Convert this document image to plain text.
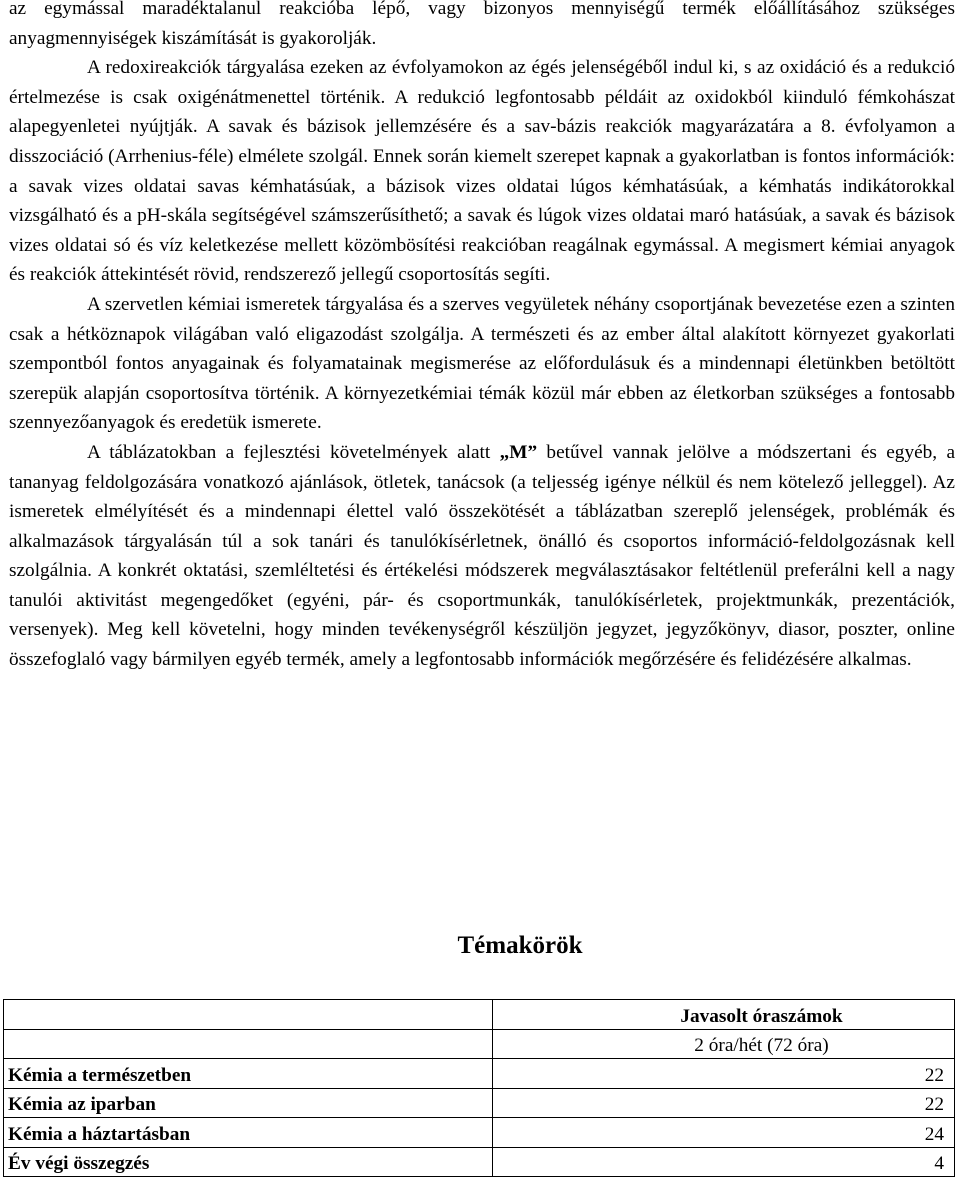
az egymással maradéktalanul reakcióba lépő, vagy bizonyos mennyiségű termék előállításához szükséges anyagmennyiségek kiszámítását is gyakorolják.

A redoxireakciók tárgyalása ezeken az évfolyamokon az égés jelenségéből indul ki, s az oxidáció és a redukció értelmezése is csak oxigénátmenettel történik. A redukció legfontosabb példáit az oxidokból kiinduló fémkohászat alapegyenletei nyújtják. A savak és bázisok jellemzésére és a sav-bázis reakciók magyarázatára a 8. évfolyamon a disszociáció (Arrhenius-féle) elmélete szolgál. Ennek során kiemelt szerepet kapnak a gyakorlatban is fontos információk: a savak vizes oldatai savas kémhatásúak, a bázisok vizes oldatai lúgos kémhatásúak, a kémhatás indikátorokkal vizsgálható és a pH-skála segítségével számszerűsíthető; a savak és lúgok vizes oldatai maró hatásúak, a savak és bázisok vizes oldatai só és víz keletkezése mellett közömbösítési reakcióban reagálnak egymással. A megismert kémiai anyagok és reakciók áttekintését rövid, rendszerező jellegű csoportosítás segíti.

A szervetlen kémiai ismeretek tárgyalása és a szerves vegyületek néhány csoportjának bevezetése ezen a szinten csak a hétköznapok világában való eligazodást szolgálja. A természeti és az ember által alakított környezet gyakorlati szempontból fontos anyagainak és folyamatainak megismerése az előfordulásuk és a mindennapi életünkben betöltött szerepük alapján csoportosítva történik. A környezetkémiai témák közül már ebben az életkorban szükséges a fontosabb szennyezőanyagok és eredetük ismerete.

A táblázatokban a fejlesztési követelmények alatt „M” betűvel vannak jelölve a módszertani és egyéb, a tananyag feldolgozására vonatkozó ajánlások, ötletek, tanácsok (a teljesség igénye nélkül és nem kötelező jelleggel). Az ismeretek elmélyítését és a mindennapi élettel való összekötését a táblázatban szereplő jelenségek, problémák és alkalmazások tárgyalásán túl a sok tanári és tanulókísérletnek, önálló és csoportos információ-feldolgozásnak kell szolgálnia. A konkrét oktatási, szemléltetési és értékelési módszerek megválasztásakor feltétlenül preferálni kell a nagy tanulói aktivitást megengedőket (egyéni, pár- és csoportmunkák, tanulókísérletek, projektmunkák, prezentációk, versenyek). Meg kell követelni, hogy minden tevékenységről készüljön jegyzet, jegyzőkönyv, diasor, poszter, online összefoglaló vagy bármilyen egyéb termék, amely a legfontosabb információk megőrzésére és felidézésére alkalmas.

Témakörök
	Javasolt óraszámok
	2 óra/hét (72 óra)
Kémia a természetben	22
Kémia az iparban	22
Kémia a háztartásban	24
Év végi összegzés	4
